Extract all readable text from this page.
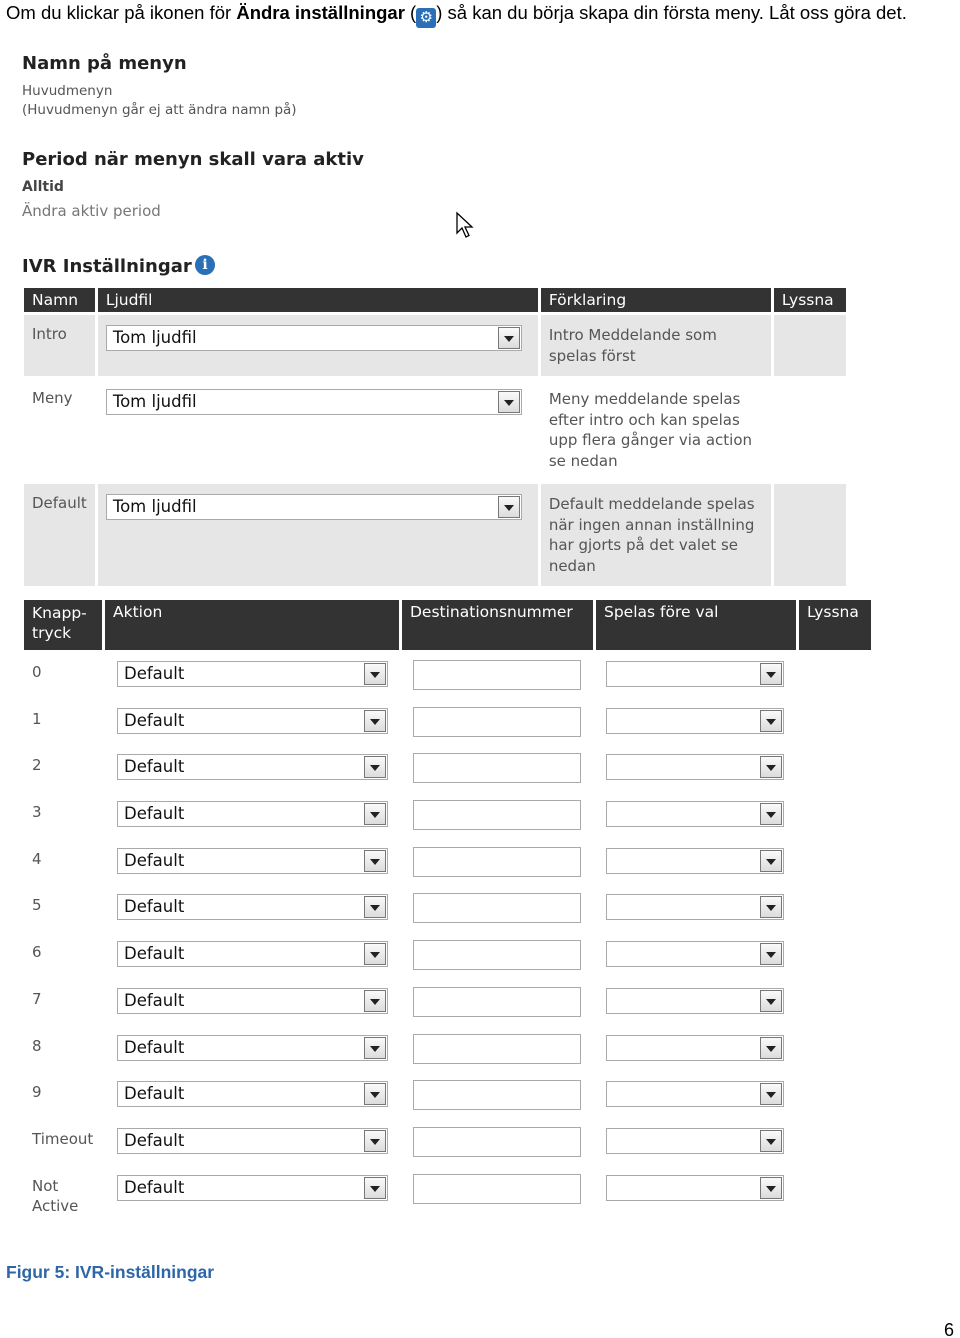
Om du klickar på ikonen för Ändra inställningar ( ⚙ ) så kan du börja skapa din första meny. Låt oss göra det.
Namn på menyn
Huvudmenyn
(Huvudmenyn går ej att ändra namn på)
Period när menyn skall vara aktiv
Alltid
Ändra aktiv period
IVR Inställningar i
Namn	Ljudfil	Förklaring	Lyssna
Intro	Tom ljudfil	Intro Meddelande som
spelas först	

Meny	Tom ljudfil	Meny meddelande spelas
efter intro och kan spelas
upp flera gånger via action
se nedan	

Default	Tom ljudfil	Default meddelande spelas
när ingen annan inställning
har gjorts på det valet se
nedan	

Knapp-
tryck	Aktion	Destinationsnummer	Spelas före val	Lyssna

0	Default			

1	Default			

2	Default			

3	Default			

4	Default			

5	Default			

6	Default			

7	Default			

8	Default			

9	Default			

Timeout	Default			

Not
Active	Default			

Figur 5: IVR-inställningar
6
